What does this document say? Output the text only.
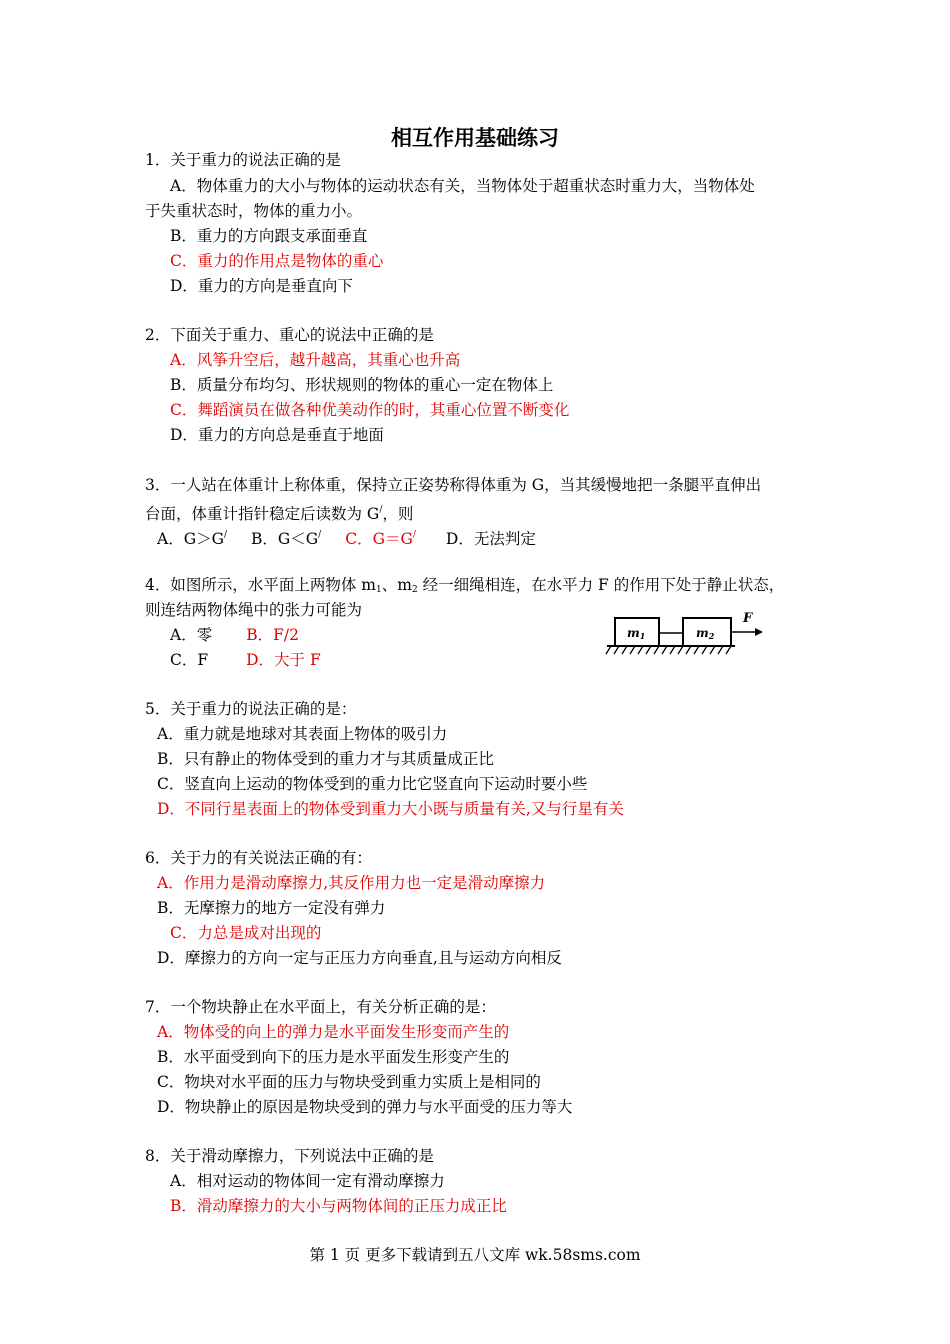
相互作用基础练习
1．关于重力的说法正确的是
A．物体重力的大小与物体的运动状态有关，当物体处于超重状态时重力大，当物体处
于失重状态时，物体的重力小。
B．重力的方向跟支承面垂直
C．重力的作用点是物体的重心
D．重力的方向是垂直向下
2．下面关于重力、重心的说法中正确的是
A．风筝升空后，越升越高，其重心也升高
B．质量分布均匀、形状规则的物体的重心一定在物体上
C．舞蹈演员在做各种优美动作的时，其重心位置不断变化
D．重力的方向总是垂直于地面
3．一人站在体重计上称体重，保持立正姿势称得体重为 G，当其缓慢地把一条腿平直伸出
台面，体重计指针稳定后读数为 G/，则
A．G＞G/ B．G＜G/ C．G＝G/ D．无法判定
4．如图所示，水平面上两物体 $m_1$、$m_2$ 经一细绳相连，在水平力 F 的作用下处于静止状态，
则连结两物体绳中的张力可能为
A．零 B．F/2
C．F D．大于 F
m1	m2
F
5．关于重力的说法正确的是：
A．重力就是地球对其表面上物体的吸引力
B．只有静止的物体受到的重力才与其质量成正比
C．竖直向上运动的物体受到的重力比它竖直向下运动时要小些
D．不同行星表面上的物体受到重力大小既与质量有关,又与行星有关
6．关于力的有关说法正确的有：
A．作用力是滑动摩擦力,其反作用力也一定是滑动摩擦力
B．无摩擦力的地方一定没有弹力
C．力总是成对出现的
D．摩擦力的方向一定与正压力方向垂直,且与运动方向相反
7．一个物块静止在水平面上，有关分析正确的是：
A．物体受的向上的弹力是水平面发生形变而产生的
B．水平面受到向下的压力是水平面发生形变产生的
C．物块对水平面的压力与物块受到重力实质上是相同的
D．物块静止的原因是物块受到的弹力与水平面受的压力等大
8．关于滑动摩擦力，下列说法中正确的是
A．相对运动的物体间一定有滑动摩擦力
B．滑动摩擦力的大小与两物体间的正压力成正比
第 1 页 更多下载请到五八文库 wk.58sms.com
